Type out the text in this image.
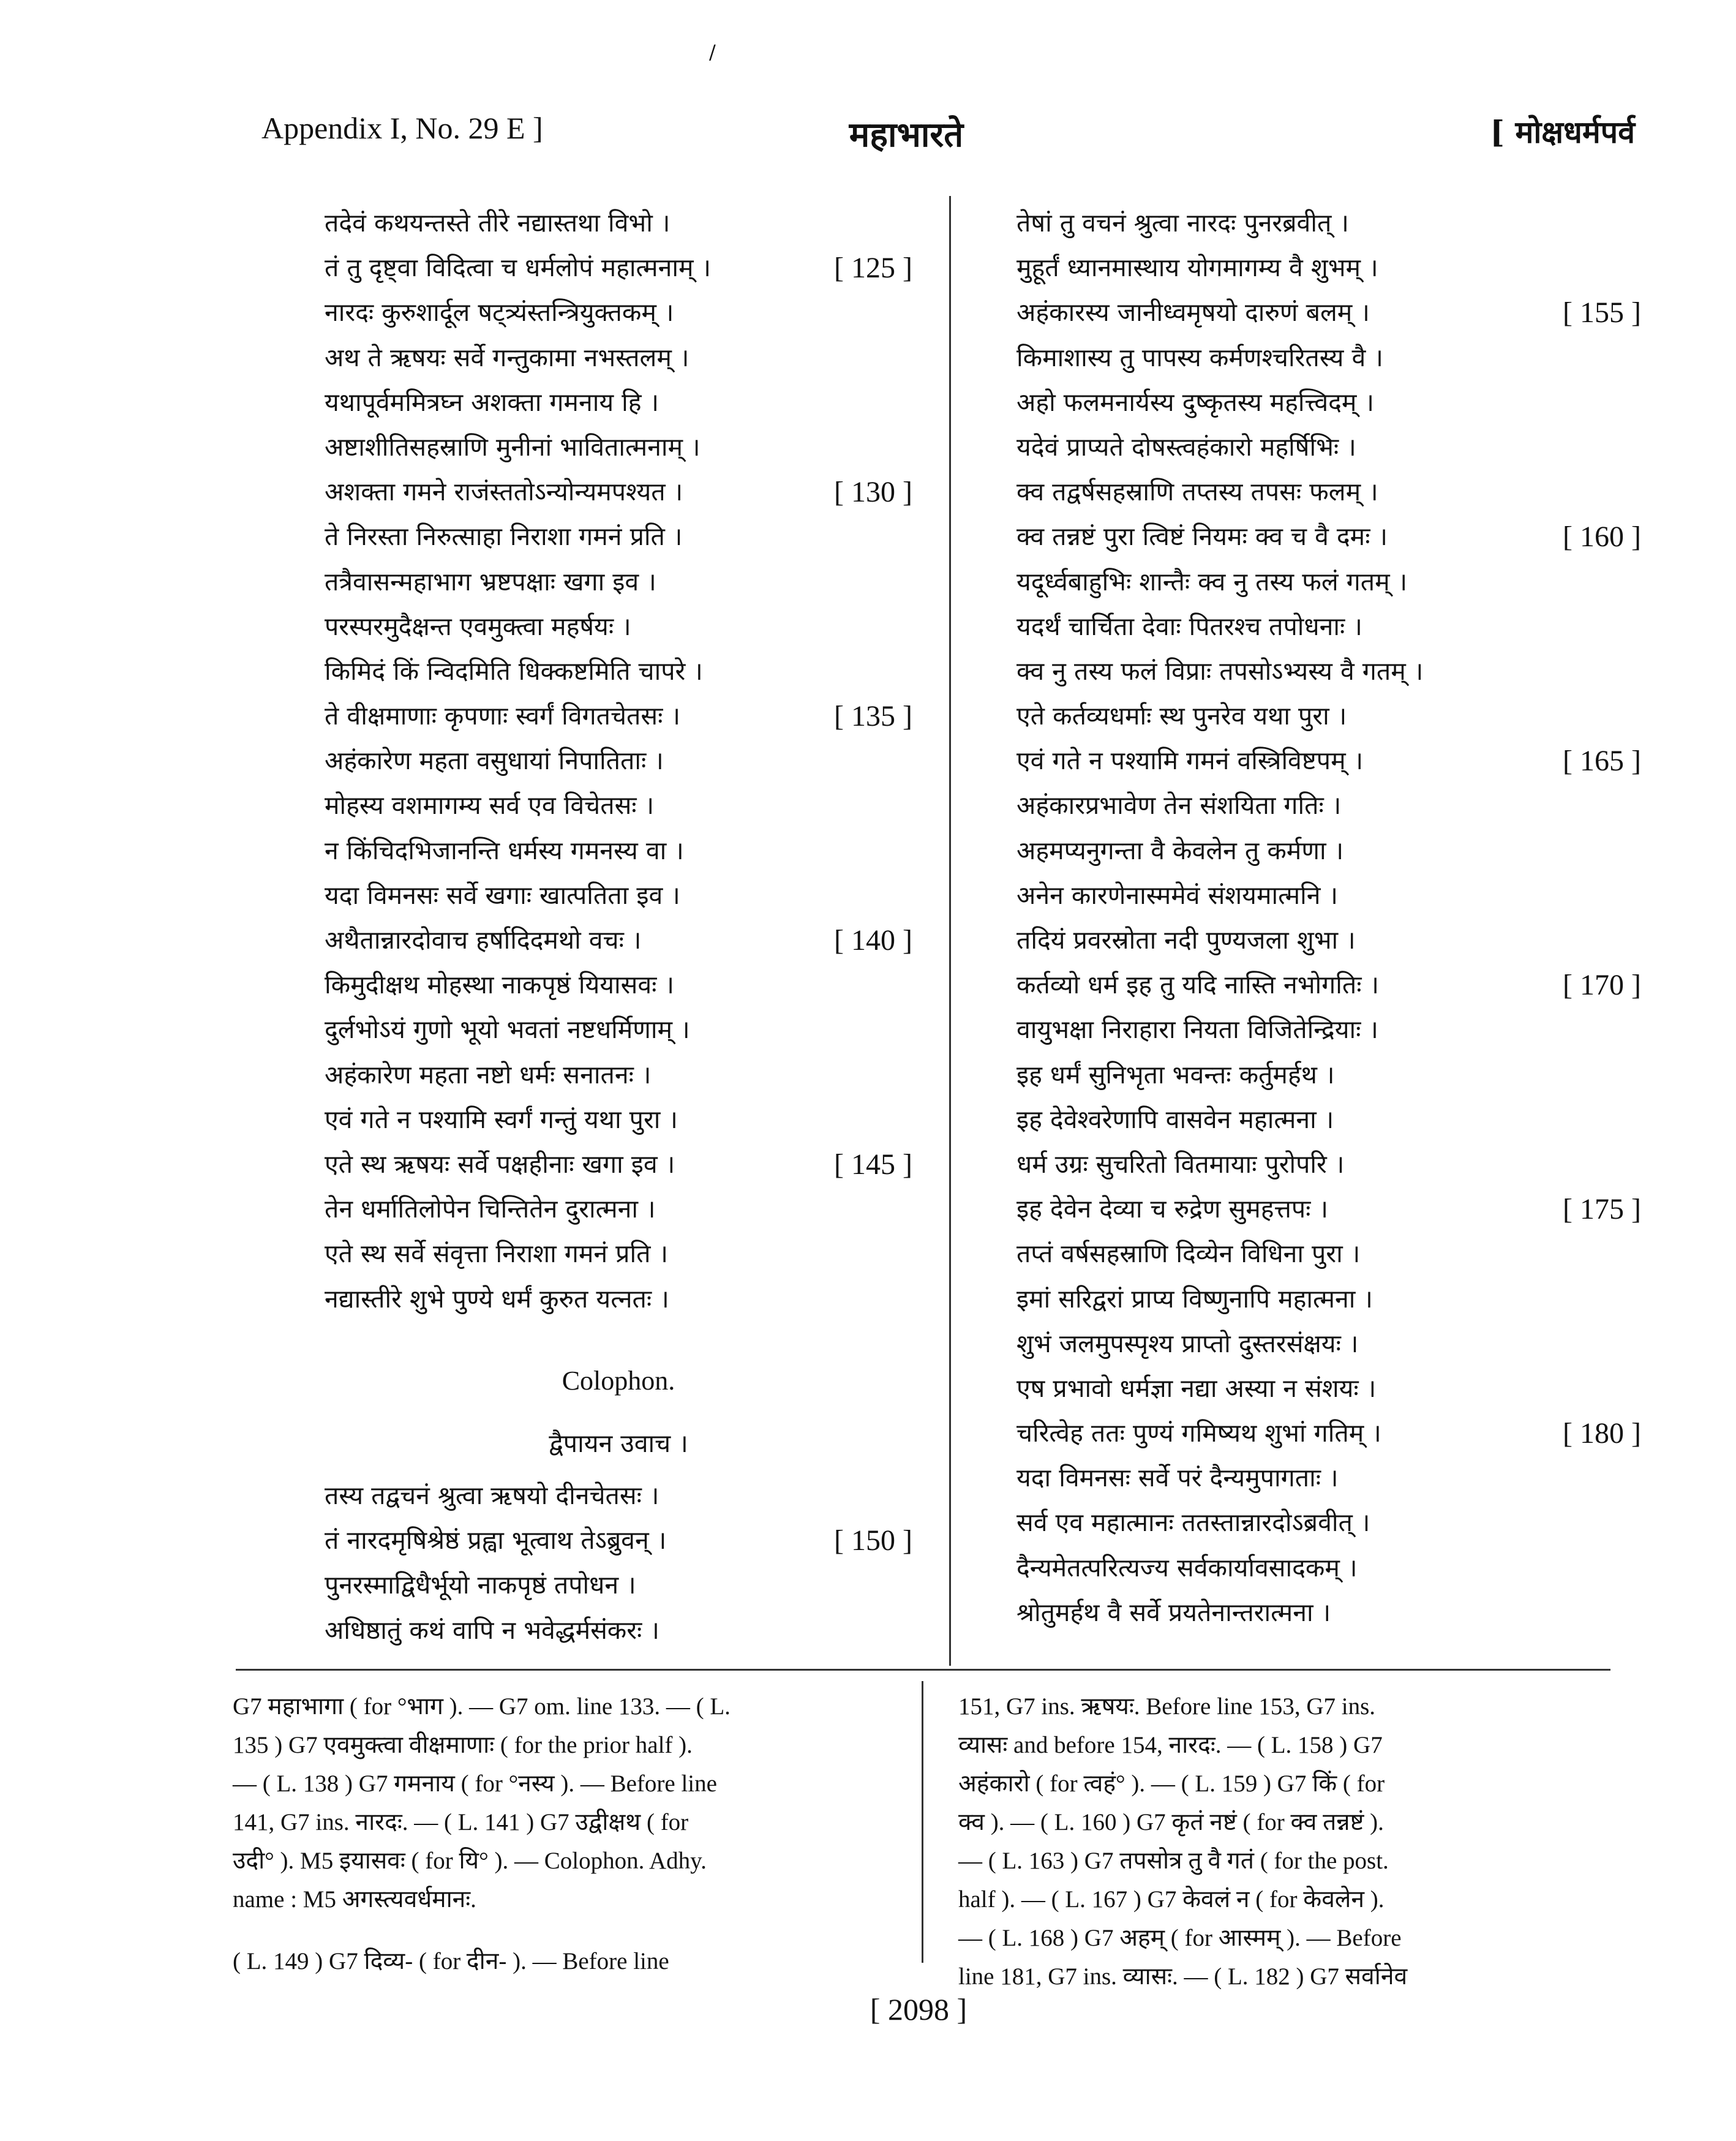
/
Appendix I, No. 29 E ]	महाभारते	[ मोक्षधर्मपर्व
तदेवं कथयन्तस्ते तीरे नद्यास्तथा विभो ।
तं तु दृष्ट्वा विदित्वा च धर्मलोपं महात्मनाम् ।	[ 125 ]
नारदः कुरुशार्दूल षट्त्र्यंस्तन्त्रियुक्तकम् ।
अथ ते ऋषयः सर्वे गन्तुकामा नभस्तलम् ।
यथापूर्वममित्रघ्न अशक्ता गमनाय हि ।
अष्टाशीतिसहस्राणि मुनीनां भावितात्मनाम् ।
अशक्ता गमने राजंस्ततोऽन्योन्यमपश्यत ।	[ 130 ]
ते निरस्ता निरुत्साहा निराशा गमनं प्रति ।
तत्रैवासन्महाभाग भ्रष्टपक्षाः खगा इव ।
परस्परमुदैक्षन्त एवमुक्त्वा महर्षयः ।
किमिदं किं न्विदमिति धिक्कष्टमिति चापरे ।
ते वीक्षमाणाः कृपणाः स्वर्गं विगतचेतसः ।	[ 135 ]
अहंकारेण महता वसुधायां निपातिताः ।
मोहस्य वशमागम्य सर्व एव विचेतसः ।
न किंचिदभिजानन्ति धर्मस्य गमनस्य वा ।
यदा विमनसः सर्वे खगाः खात्पतिता इव ।
अथैतान्नारदोवाच हर्षादिदमथो वचः ।	[ 140 ]
किमुदीक्षथ मोहस्था नाकपृष्ठं यियासवः ।
दुर्लभोऽयं गुणो भूयो भवतां नष्टधर्मिणाम् ।
अहंकारेण महता नष्टो धर्मः सनातनः ।
एवं गते न पश्यामि स्वर्गं गन्तुं यथा पुरा ।
एते स्थ ऋषयः सर्वे पक्षहीनाः खगा इव ।	[ 145 ]
तेन धर्मातिलोपेन चिन्तितेन दुरात्मना ।
एते स्थ सर्वे संवृत्ता निराशा गमनं प्रति ।
नद्यास्तीरे शुभे पुण्ये धर्मं कुरुत यत्नतः ।
Colophon.
द्वैपायन उवाच ।
तस्य तद्वचनं श्रुत्वा ऋषयो दीनचेतसः ।
तं नारदमृषिश्रेष्ठं प्रह्वा भूत्वाथ तेऽब्रुवन् ।	[ 150 ]
पुनरस्माद्विधैर्भूयो नाकपृष्ठं तपोधन ।
अधिष्ठातुं कथं वापि न भवेद्धर्मसंकरः ।
तेषां तु वचनं श्रुत्वा नारदः पुनरब्रवीत् ।
मुहूर्तं ध्यानमास्थाय योगमागम्य वै शुभम् ।
अहंकारस्य जानीध्वमृषयो दारुणं बलम् ।	[ 155 ]
किमाशास्य तु पापस्य कर्मणश्चरितस्य वै ।
अहो फलमनार्यस्य दुष्कृतस्य महत्त्विदम् ।
यदेवं प्राप्यते दोषस्त्वहंकारो महर्षिभिः ।
क्व तद्वर्षसहस्राणि तप्तस्य तपसः फलम् ।
क्व तन्नष्टं पुरा त्विष्टं नियमः क्व च वै दमः ।	[ 160 ]
यदूर्ध्वबाहुभिः शान्तैः क्व नु तस्य फलं गतम् ।
यदर्थं चार्चिता देवाः पितरश्च तपोधनाः ।
क्व नु तस्य फलं विप्राः तपसोऽभ्यस्य वै गतम् ।
एते कर्तव्यधर्माः स्थ पुनरेव यथा पुरा ।
एवं गते न पश्यामि गमनं वस्त्रिविष्टपम् ।	[ 165 ]
अहंकारप्रभावेण तेन संशयिता गतिः ।
अहमप्यनुगन्ता वै केवलेन तु कर्मणा ।
अनेन कारणेनास्ममेवं संशयमात्मनि ।
तदियं प्रवरस्रोता नदी पुण्यजला शुभा ।
कर्तव्यो धर्म इह तु यदि नास्ति नभोगतिः ।	[ 170 ]
वायुभक्षा निराहारा नियता विजितेन्द्रियाः ।
इह धर्मं सुनिभृता भवन्तः कर्तुमर्हथ ।
इह देवेश्वरेणापि वासवेन महात्मना ।
धर्म उग्रः सुचरितो वितमायाः पुरोपरि ।
इह देवेन देव्या च रुद्रेण सुमहत्तपः ।	[ 175 ]
तप्तं वर्षसहस्राणि दिव्येन विधिना पुरा ।
इमां सरिद्वरां प्राप्य विष्णुनापि महात्मना ।
शुभं जलमुपस्पृश्य प्राप्तो दुस्तरसंक्षयः ।
एष प्रभावो धर्मज्ञा नद्या अस्या न संशयः ।
चरित्वेह ततः पुण्यं गमिष्यथ शुभां गतिम् ।	[ 180 ]
यदा विमनसः सर्वे परं दैन्यमुपागताः ।
सर्व एव महात्मानः ततस्तान्नारदोऽब्रवीत् ।
दैन्यमेतत्परित्यज्य सर्वकार्यावसादकम् ।
श्रोतुमर्हथ वै सर्वे प्रयतेनान्तरात्मना ।
G7 महाभागा ( for °भाग ). — G7 om. line 133. — ( L.
135 ) G7 एवमुक्त्वा वीक्षमाणाः ( for the prior half ).
— ( L. 138 ) G7 गमनाय ( for °नस्य ). — Before line
141, G7 ins. नारदः. — ( L. 141 ) G7 उद्वीक्षथ ( for
उदी° ). M5 इयासवः ( for यि° ). — Colophon. Adhy.
name : M5 अगस्त्यवर्धमानः.
( L. 149 ) G7 दिव्य- ( for दीन- ). — Before line
151, G7 ins. ऋषयः. Before line 153, G7 ins.
व्यासः and before 154, नारदः. — ( L. 158 ) G7
अहंकारो ( for त्वहं° ). — ( L. 159 ) G7 किं ( for
क्व ). — ( L. 160 ) G7 कृतं नष्टं ( for क्व तन्नष्टं ).
— ( L. 163 ) G7 तपसोत्र तु वै गतं ( for the post.
half ). — ( L. 167 ) G7 केवलं न ( for केवलेन ).
— ( L. 168 ) G7 अहम् ( for आस्मम् ). — Before
line 181, G7 ins. व्यासः. — ( L. 182 ) G7 सर्वानेव
[ 2098 ]
